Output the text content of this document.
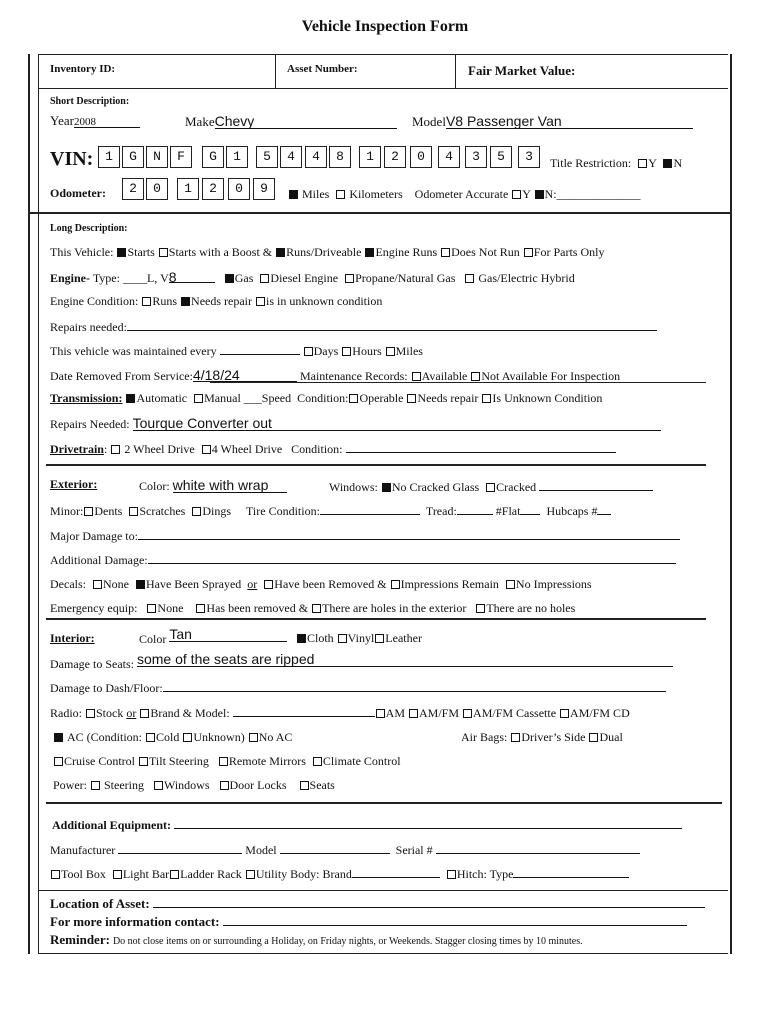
Vehicle Inspection Form
Inventory ID:	Asset Number:	Fair Market Value:
Short Description:
Year2008	MakeChevy	ModelV8 Passenger Van
VIN: 1	G	N	F	G	1	5	4	4	8	1	2	0	4	3	5	3	Title Restriction: Y N
Odometer:	2	0	1	2	0	9	Miles Kilometers Odometer Accurate Y N:______________
Long Description:
This Vehicle: Starts Starts with a Boost & Runs/Driveable Engine Runs Does Not Run For Parts Only
Engine- Type: ____L, V8	Gas Diesel Engine Propane/Natural Gas Gas/Electric Hybrid
Engine Condition: Runs Needs repair is in unknown condition
Repairs needed:
This vehicle was maintained every	Days Hours Miles
Date Removed From Service:4/18/24	Maintenance Records: Available Not Available For Inspection
Transmission: Automatic Manual ___Speed Condition: Operable Needs repair Is Unknown Condition
Repairs Needed: Tourque Converter out
Drivetrain:  2 Wheel Drive 4 Wheel Drive Condition:
Exterior:	Color: white with wrap	Windows: No Cracked Glass Cracked
Minor: Dents Scratches Dings Tire Condition:	Tread:	#Flat Hubcaps #
Major Damage to:
Additional Damage:
Decals: None Have Been Sprayed or Have been Removed & Impressions Remain No Impressions
Emergency equip: None Has been removed & There are holes in the exterior There are no holes
Interior:	Color Tan	Cloth Vinyl Leather
Damage to Seats: some of the seats are ripped
Damage to Dash/Floor:
Radio: Stock or Brand & Model:	AM AM/FM AM/FM Cassette AM/FM CD
AC (Condition: Cold Unknown) No AC	Air Bags: Driver’s Side Dual
Cruise Control Tilt Steering Remote Mirrors Climate Control
Power: Steering Windows Door Locks Seats
Additional Equipment:
Manufacturer	Model	Serial #
Tool Box Light Bar Ladder Rack Utility Body: Brand	Hitch: Type
Location of Asset:
For more information contact:
Reminder: Do not close items on or surrounding a Holiday, on Friday nights, or Weekends. Stagger closing times by 10 minutes.
